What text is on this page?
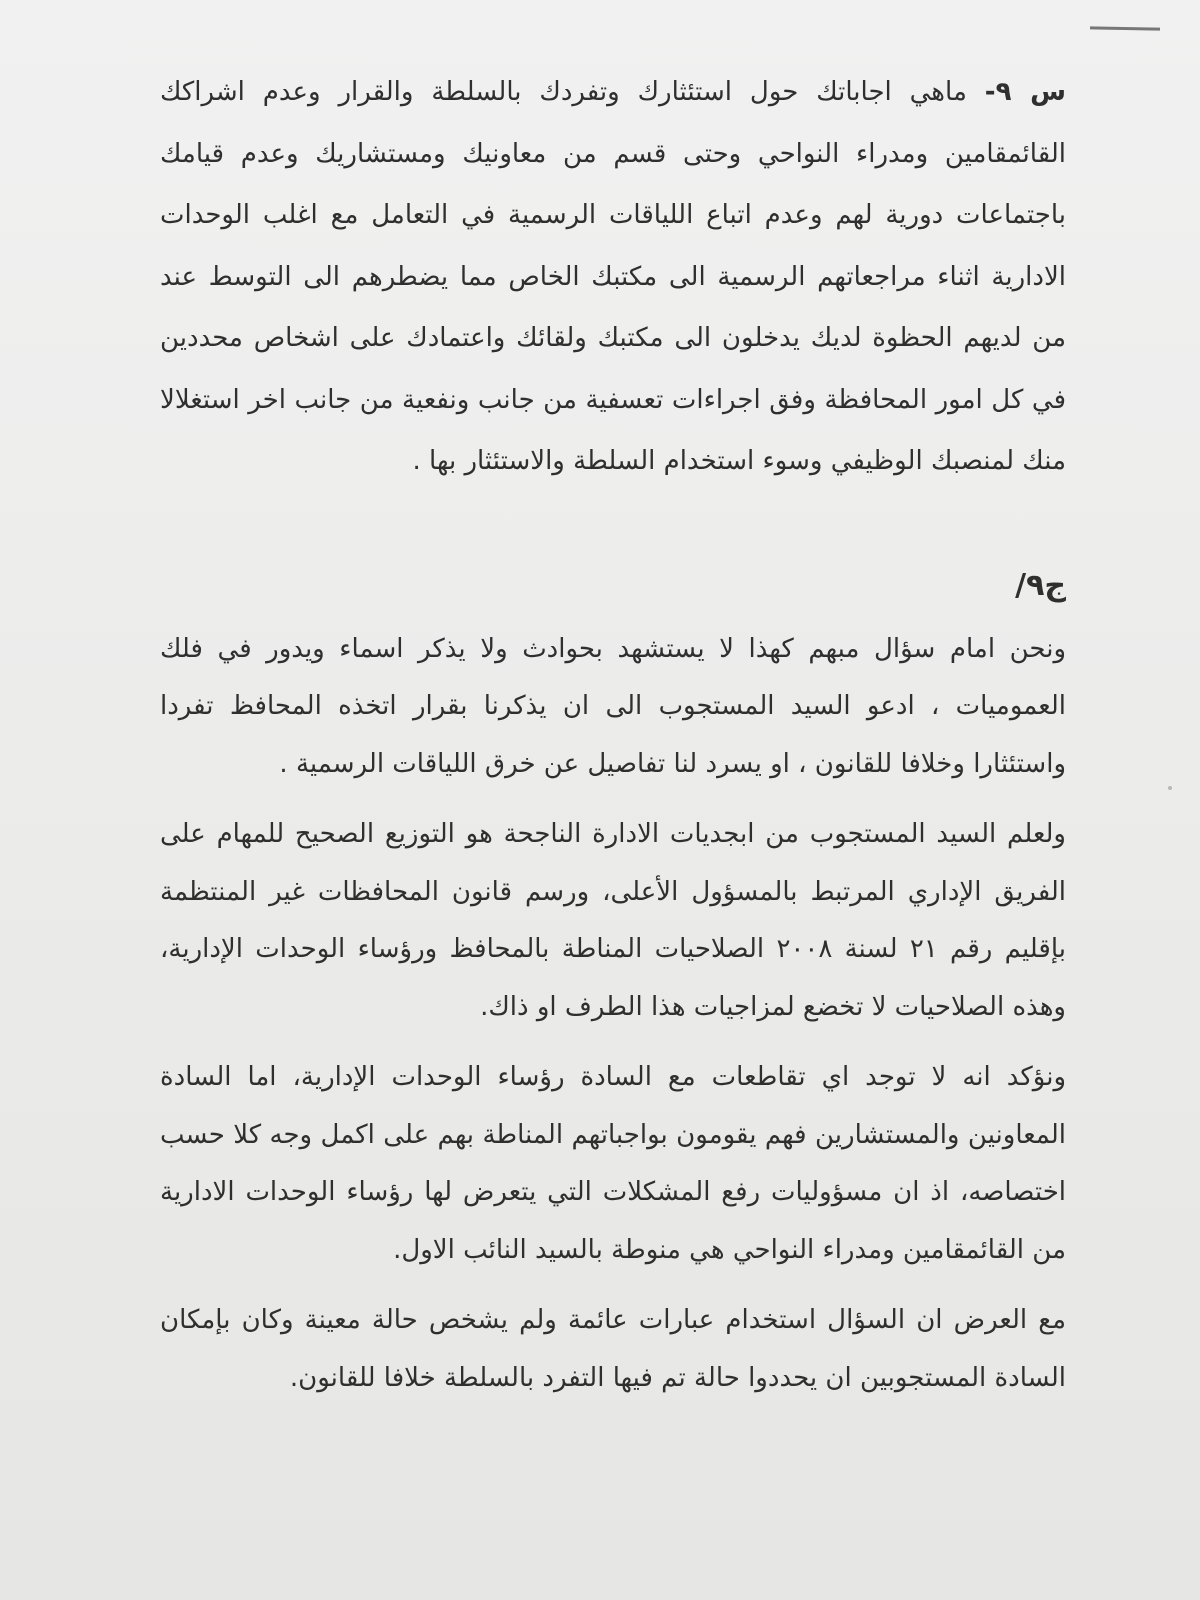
س ٩- ماهي اجاباتك حول استئثارك وتفردك بالسلطة والقرار وعدم اشراكك القائمقامين ومدراء النواحي وحتى قسم من معاونيك ومستشاريك وعدم قيامك باجتماعات دورية لهم وعدم اتباع اللياقات الرسمية في التعامل مع اغلب الوحدات الادارية اثناء مراجعاتهم الرسمية الى مكتبك الخاص مما يضطرهم الى التوسط عند من لديهم الحظوة لديك يدخلون الى مكتبك ولقائك واعتمادك على اشخاص محددين في كل امور المحافظة وفق اجراءات تعسفية من جانب ونفعية من جانب اخر استغلالا منك لمنصبك الوظيفي وسوء استخدام السلطة والاستئثار بها .
ج٩/
ونحن امام سؤال مبهم كهذا لا يستشهد بحوادث ولا يذكر اسماء ويدور في فلك العموميات ، ادعو السيد المستجوب الى ان يذكرنا بقرار اتخذه المحافظ تفردا واستئثارا وخلافا للقانون ، او يسرد لنا تفاصيل عن خرق اللياقات الرسمية .
ولعلم السيد المستجوب من ابجديات الادارة الناجحة هو التوزيع الصحيح للمهام على الفريق الإداري المرتبط بالمسؤول الأعلى، ورسم قانون المحافظات غير المنتظمة بإقليم رقم ٢١ لسنة ٢٠٠٨ الصلاحيات المناطة بالمحافظ ورؤساء الوحدات الإدارية، وهذه الصلاحيات لا تخضع لمزاجيات هذا الطرف او ذاك.
ونؤكد انه لا توجد اي تقاطعات مع السادة رؤساء الوحدات الإدارية، اما السادة المعاونين والمستشارين فهم يقومون بواجباتهم المناطة بهم على اكمل وجه كلا حسب اختصاصه، اذ ان مسؤوليات رفع المشكلات التي يتعرض لها رؤساء الوحدات الادارية من القائمقامين ومدراء النواحي هي منوطة بالسيد النائب الاول.
مع العرض ان السؤال استخدام عبارات عائمة ولم يشخص حالة معينة وكان بإمكان السادة المستجوبين ان يحددوا حالة تم فيها التفرد بالسلطة خلافا للقانون.
